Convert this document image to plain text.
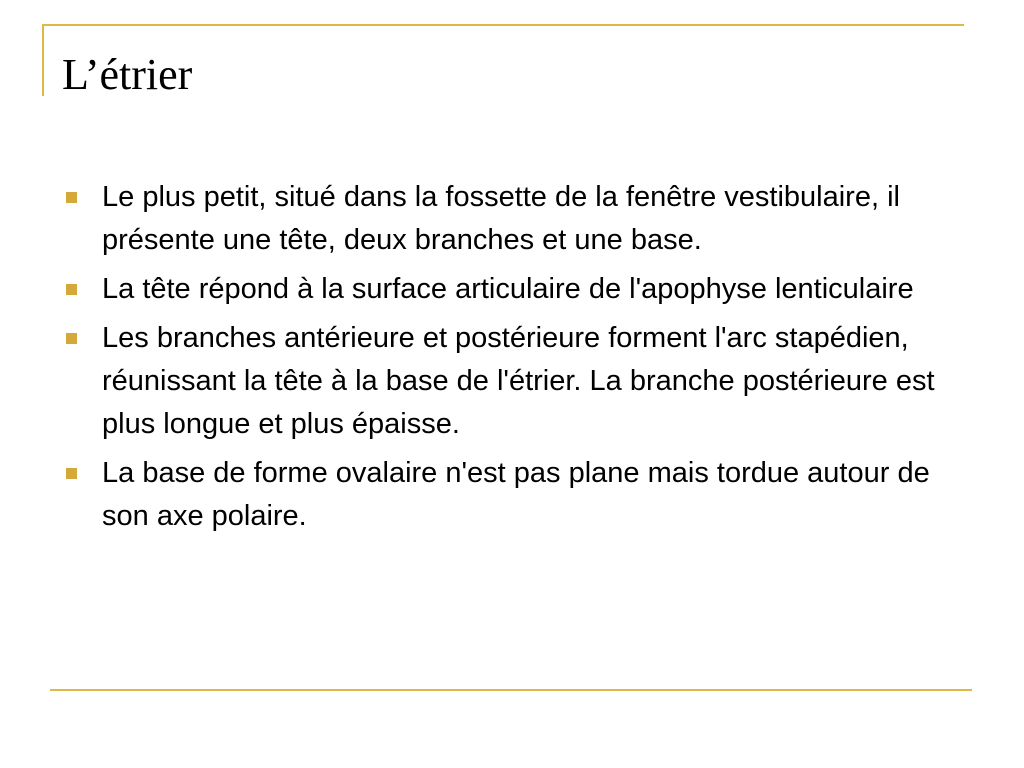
L’étrier
Le plus petit, situé dans la fossette de la fenêtre vestibulaire, il présente une tête, deux branches et une base.
La tête répond à la surface articulaire de l'apophyse lenticulaire
Les branches antérieure et postérieure forment l'arc stapédien, réunissant la tête à la base de l'étrier. La branche postérieure est plus longue et plus épaisse.
La base de forme ovalaire n'est pas plane mais tordue autour de son axe polaire.
